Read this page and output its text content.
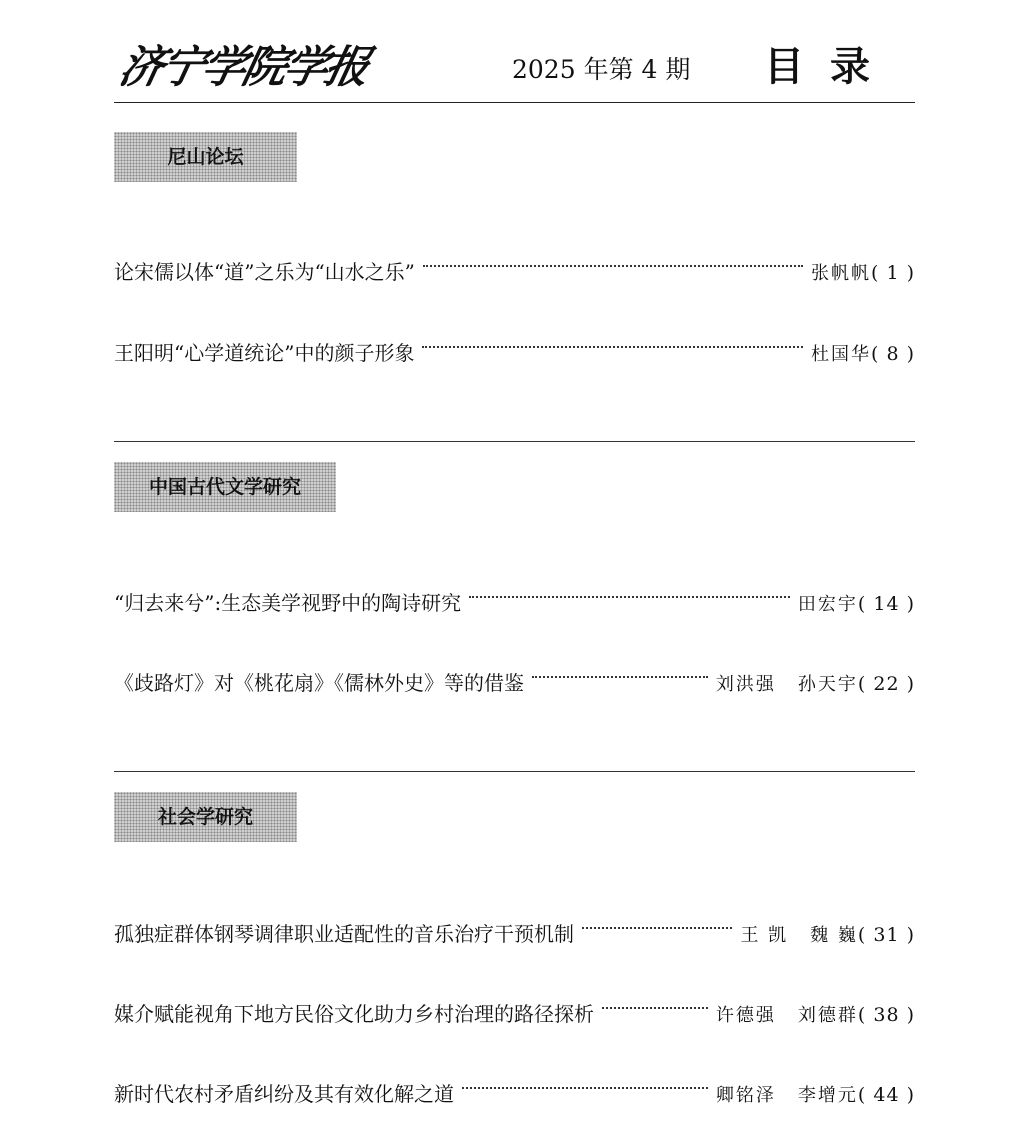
济宁学院学报	2025 年第 4 期 目录
尼山论坛
论宋儒以体“道”之乐为“山水之乐”	张帆帆 ( 1 )
王阳明“心学道统论”中的颜子形象	杜国华 ( 8 )
中国古代文学研究
“归去来兮”:生态美学视野中的陶诗研究	田宏宇 ( 14 )
《歧路灯》对《桃花扇》《儒林外史》等的借鉴	刘洪强 孙天宇 ( 22 )
社会学研究
孤独症群体钢琴调律职业适配性的音乐治疗干预机制	王 凯 魏 巍 ( 31 )
媒介赋能视角下地方民俗文化助力乡村治理的路径探析	许德强 刘德群 ( 38 )
新时代农村矛盾纠纷及其有效化解之道	卿铭泽 李增元 ( 44 )
